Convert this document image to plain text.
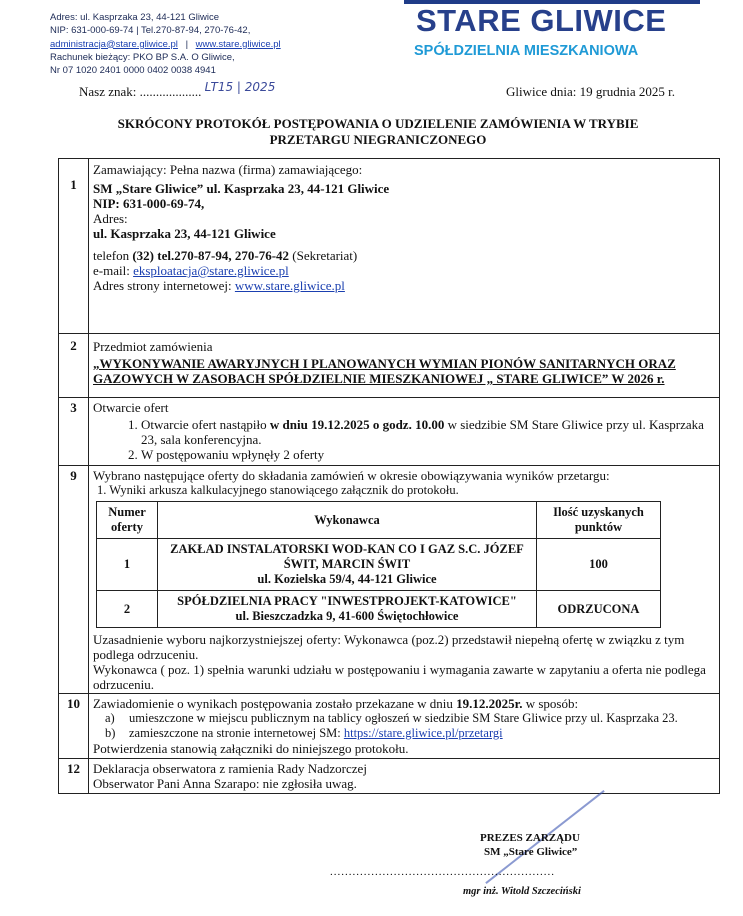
Adres: ul. Kasprzaka 23, 44-121 Gliwice
NIP: 631-000-69-74 | Tel.270-87-94, 270-76-42,
administracja@stare.gliwice.pl | www.stare.gliwice.pl
Rachunek bieżący: PKO BP S.A. O Gliwice,
Nr 07 1020 2401 0000 0402 0038 4941
STARE GLIWICE
SPÓŁDZIELNIA MIESZKANIOWA
Nasz znak: ................... LT15 | 2025	Gliwice dnia: 19 grudnia 2025 r.
SKRÓCONY PROTOKÓŁ POSTĘPOWANIA O UDZIELENIE ZAMÓWIENIA W TRYBIE
PRZETARGU NIEGRANICZONEGO
1	
Zamawiający: Pełna nazwa (firma) zamawiającego:
SM „Stare Gliwice” ul. Kasprzaka 23, 44-121 Gliwice
NIP: 631-000-69-74,
Adres:
ul. Kasprzaka 23, 44-121 Gliwice
telefon (32) tel.270-87-94, 270-76-42 (Sekretariat)
e-mail: eksploatacja@stare.gliwice.pl
Adres strony internetowej: www.stare.gliwice.pl

2	Przedmiot zamówienia
„WYKONYWANIE AWARYJNYCH I PLANOWANYCH WYMIAN PIONÓW SANITARNYCH ORAZ GAZOWYCH W ZASOBACH SPÓŁDZIELNIE MIESZKANIOWEJ „ STARE GLIWICE” W 2026 r.

3	Otwarcie ofert
1. Otwarcie ofert nastąpiło w dniu 19.12.2025 o godz. 10.00 w siedzibie SM Stare Gliwice przy ul. Kasprzaka 23, sala konferencyjna.
2. W postępowaniu wpłynęły 2 oferty

9	Wybrano następujące oferty do składania zamówień w okresie obowiązywania wyników przetargu:
1. Wyniki arkusza kalkulacyjnego stanowiącego załącznik do protokołu.
Numer oferty	Wykonawca	Ilość uzyskanych punktów
1	
ZAKŁAD INSTALATORSKI WOD-KAN CO I GAZ S.C. JÓZEF ŚWIT, MARCIN ŚWIT
ul. Kozielska 59/4, 44-121 Gliwice
	100
2	
SPÓŁDZIELNIA PRACY "INWESTPROJEKT-KATOWICE"
ul. Bieszczadzka 9, 41-600 Świętochłowice
	ODRZUCONA
Uzasadnienie wyboru najkorzystniejszej oferty: Wykonawca (poz.2) przedstawił niepełną ofertę w związku z tym podlega odrzuceniu.
Wykonawca ( poz. 1) spełnia warunki udziału w postępowaniu i wymagania zawarte w zapytaniu a oferta nie podlega odrzuceniu.

10	Zawiadomienie o wynikach postępowania zostało przekazane w dniu 19.12.2025r. w sposób:
a) umieszczone w miejscu publicznym na tablicy ogłoszeń w siedzibie SM Stare Gliwice przy ul. Kasprzaka 23.
b) zamieszczone na stronie internetowej SM: https://stare.gliwice.pl/przetargi
Potwierdzenia stanowią załączniki do niniejszego protokołu.

12	Deklaracja obserwatora z ramienia Rady Nadzorczej
Obserwator Pani Anna Szarapo: nie zgłosiła uwag.
PREZES ZARZĄDU
SM „Stare Gliwice”
............................................................
mgr inż. Witold Szczeciński
